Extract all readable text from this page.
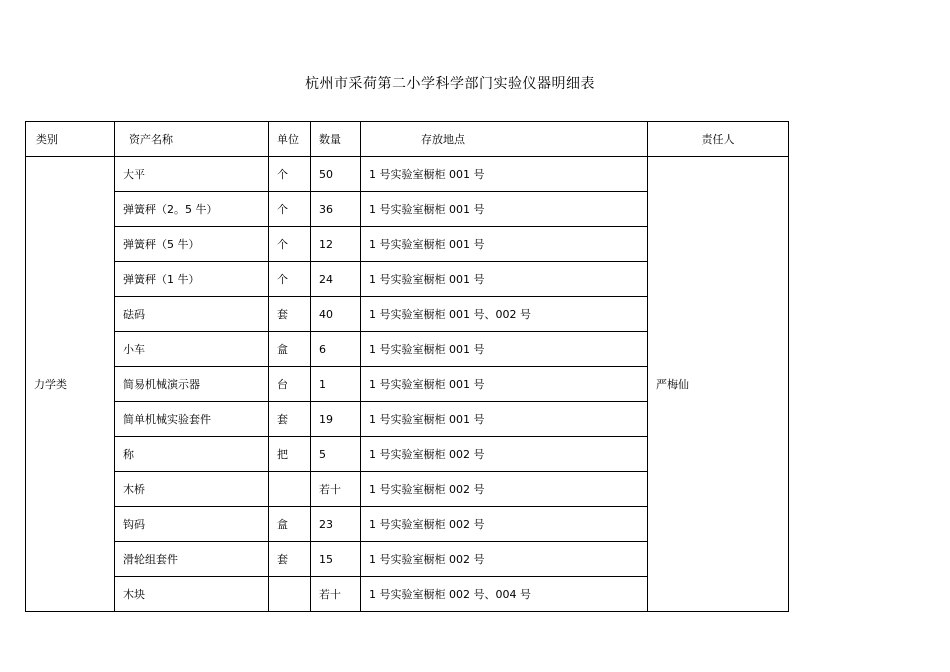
杭州市采荷第二小学科学部门实验仪器明细表
类别	资产名称	单位	数量	存放地点	责任人
力学类	大平	个	50	1 号实验室橱柜 001 号	严梅仙
	弹簧秤（2。5 牛）	个	36	1 号实验室橱柜 001 号	
	弹簧秤（5 牛）	个	12	1 号实验室橱柜 001 号	
	弹簧秤（1 牛）	个	24	1 号实验室橱柜 001 号	
	砝码	套	40	1 号实验室橱柜 001 号、002 号	
	小车	盒	6	1 号实验室橱柜 001 号	
	简易机械演示器	台	1	1 号实验室橱柜 001 号	
	简单机械实验套件	套	19	1 号实验室橱柜 001 号	
	称	把	5	1 号实验室橱柜 002 号	
	木桥		若十	1 号实验室橱柜 002 号	
	钩码	盒	23	1 号实验室橱柜 002 号	
	滑轮组套件	套	15	1 号实验室橱柜 002 号	
	木块		若十	1 号实验室橱柜 002 号、004 号	
